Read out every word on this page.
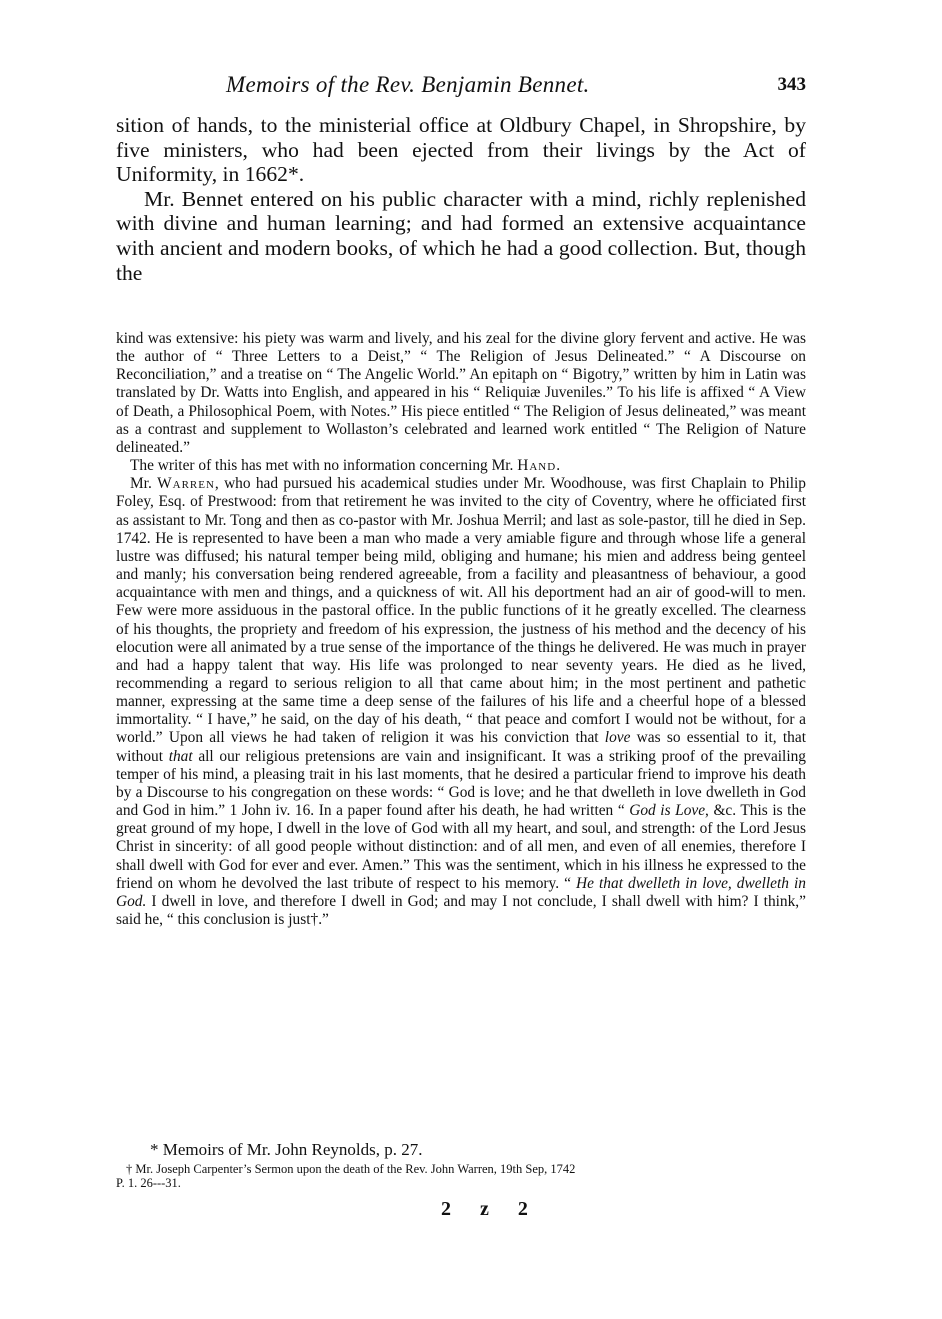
Memoirs of the Rev. Benjamin Bennet.	343

sition of hands, to the ministerial office at Oldbury Chapel, in Shropshire, by five ministers, who had been ejected from their livings by the Act of Uniformity, in 1662*.

Mr. Bennet entered on his public character with a mind, richly replenished with divine and human learning; and had formed an extensive acquaintance with ancient and modern books, of which he had a good collection. But, though the

kind was extensive: his piety was warm and lively, and his zeal for the divine glory fervent and active. He was the author of “ Three Letters to a Deist,” “ The Religion of Jesus Delineated.” “ A Discourse on Reconciliation,” and a treatise on “ The Angelic World.” An epitaph on “ Bigotry,” written by him in Latin was translated by Dr. Watts into English, and appeared in his “ Reliquiæ Juveniles.” To his life is affixed “ A View of Death, a Philosophical Poem, with Notes.” His piece entitled “ The Religion of Jesus delineated,” was meant as a contrast and supplement to Wollaston’s celebrated and learned work entitled “ The Religion of Nature delineated.”

The writer of this has met with no information concerning Mr. Hand.

Mr. Warren, who had pursued his academical studies under Mr. Woodhouse, was first Chaplain to Philip Foley, Esq. of Prestwood: from that retirement he was invited to the city of Coventry, where he officiated first as assistant to Mr. Tong and then as co-pastor with Mr. Joshua Merril; and last as sole-pastor, till he died in Sep. 1742. He is represented to have been a man who made a very amiable figure and through whose life a general lustre was diffused; his natural temper being mild, obliging and humane; his mien and address being genteel and manly; his conversation being rendered agreeable, from a facility and pleasantness of behaviour, a good acquaintance with men and things, and a quickness of wit. All his deportment had an air of good-will to men. Few were more assiduous in the pastoral office. In the public functions of it he greatly excelled. The clearness of his thoughts, the propriety and freedom of his expression, the justness of his method and the decency of his elocution were all animated by a true sense of the importance of the things he delivered. He was much in prayer and had a happy talent that way. His life was prolonged to near seventy years. He died as he lived, recommending a regard to serious religion to all that came about him; in the most pertinent and pathetic manner, expressing at the same time a deep sense of the failures of his life and a cheerful hope of a blessed immortality. “ I have,” he said, on the day of his death, “ that peace and comfort I would not be without, for a world.” Upon all views he had taken of religion it was his conviction that love was so essential to it, that without that all our religious pretensions are vain and insignificant. It was a striking proof of the prevailing temper of his mind, a pleasing trait in his last moments, that he desired a particular friend to improve his death by a Discourse to his congregation on these words: “ God is love; and he that dwelleth in love dwelleth in God and God in him.” 1 John iv. 16. In a paper found after his death, he had written “ God is Love, &c. This is the great ground of my hope, I dwell in the love of God with all my heart, and soul, and strength: of the Lord Jesus Christ in sincerity: of all good people without distinction: and of all men, and even of all enemies, therefore I shall dwell with God for ever and ever. Amen.” This was the sentiment, which in his illness he expressed to the friend on whom he devolved the last tribute of respect to his memory. “ He that dwelleth in love, dwelleth in God. I dwell in love, and therefore I dwell in God; and may I not conclude, I shall dwell with him? I think,” said he, “ this conclusion is just†.”

* Memoirs of Mr. John Reynolds, p. 27.
† Mr. Joseph Carpenter’s Sermon upon the death of the Rev. John Warren, 19th Sep, 1742
P. 1. 26---31.
2 z 2
